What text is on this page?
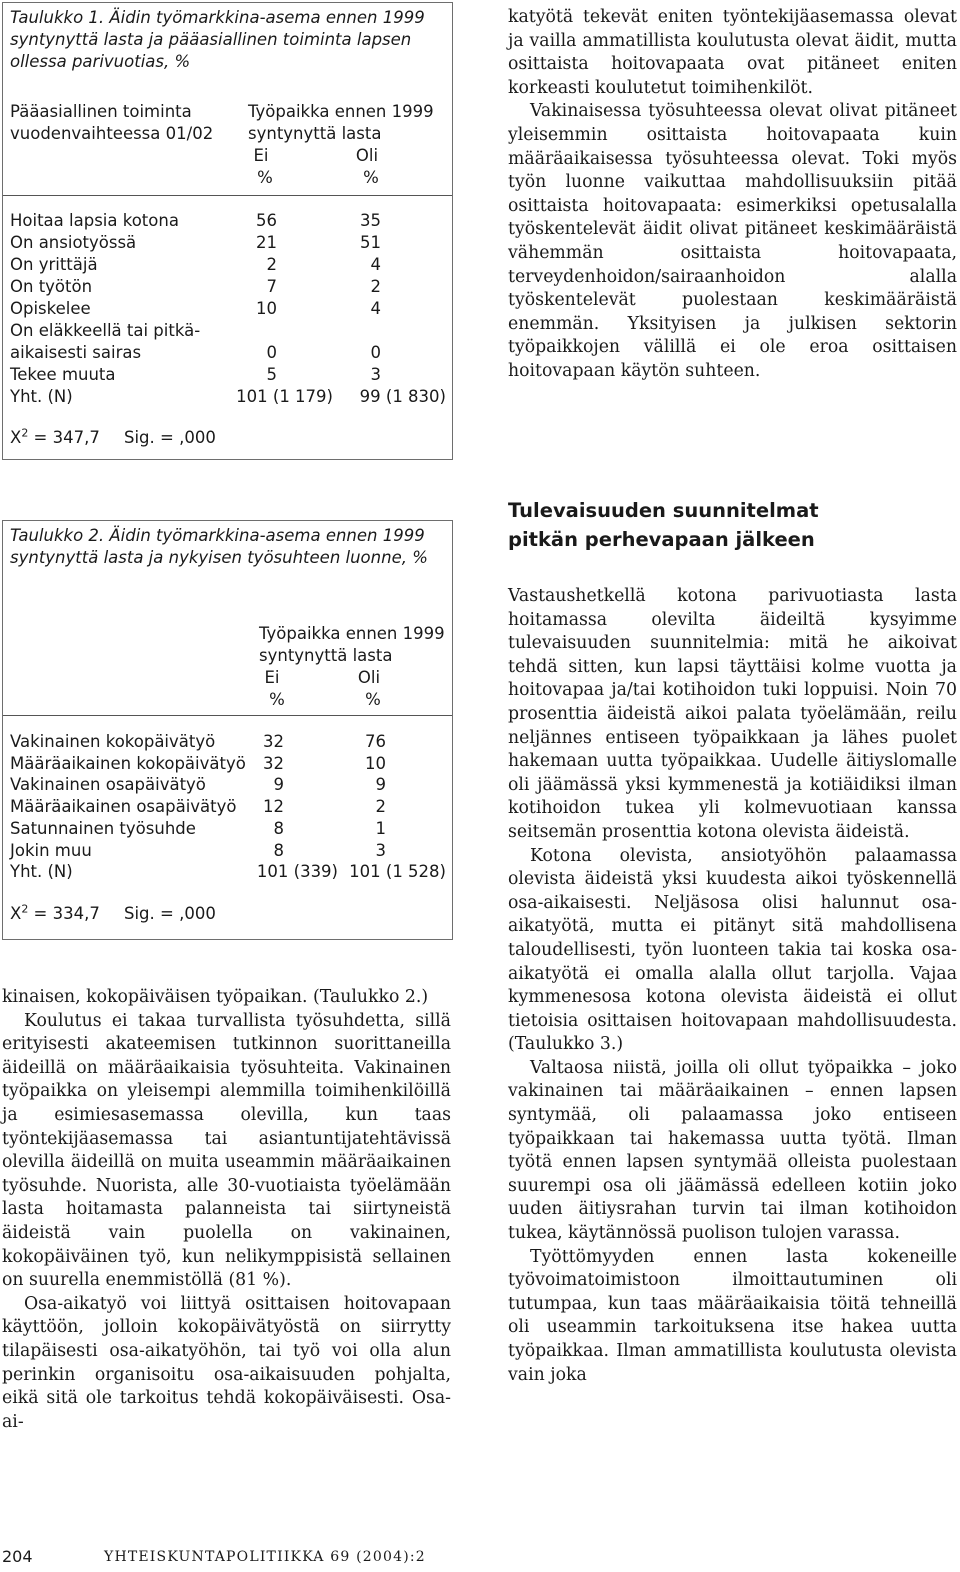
Taulukko 1. Äidin työmarkkina-asema ennen 1999 syntynyttä lasta ja pääasiallinen toiminta lapsen ollessa parivuotias, %
Pääasiallinen toiminta
vuodenvaihteessa 01/02
Työpaikka ennen 1999
syntynyttä lasta
Ei	Oli
%	%
Hoitaa lapsia kotona	56	35
On ansiotyössä	21	51
On yrittäjä	2	4
On työtön	7	2
Opiskelee	10	4
On eläkkeellä tai pitkä-
aikaisesti sairas	0	0
Tekee muuta	5	3
Yht. (N)	101 (1 179)	99 (1 830)
$X^2 = 347,7$ Sig. = ,000
Taulukko 2. Äidin työmarkkina-asema ennen 1999 syntynyttä lasta ja nykyisen työsuhteen luonne, %
Työpaikka ennen 1999
syntynyttä lasta
Ei	Oli
%	%
Vakinainen kokopäivätyö	32	76
Määräaikainen kokopäivätyö	32	10
Vakinainen osapäivätyö	9	9
Määräaikainen osapäivätyö	12	2
Satunnainen työsuhde	8	1
Jokin muu	8	3
Yht. (N)	101 (339) 101 (1 528)
$X^2 = 334,7$ Sig. = ,000

kinaisen, kokopäiväisen työpaikan. (Taulukko 2.)

Koulutus ei takaa turvallista työsuhdetta, sillä erityisesti akateemisen tutkinnon suorittaneilla äideillä on määräaikaisia työsuhteita. Vakinainen työpaikka on yleisempi alemmilla toimihenkilöillä ja esimiesasemassa olevilla, kun taas työntekijäasemassa tai asiantuntijatehtävissä olevilla äideillä on muita useammin määräaikainen työsuhde. Nuorista, alle 30-vuotiaista työelämään lasta hoitamasta palanneista tai siirtyneistä äideistä vain puolella on vakinainen, kokopäiväinen työ, kun nelikymppisistä sellainen on suurella enemmistöllä (81 %).

Osa-aikatyö voi liittyä osittaisen hoitovapaan käyttöön, jolloin kokopäivätyöstä on siirrytty tilapäisesti osa-aikatyöhön, tai työ voi olla alun perinkin organisoitu osa-aikaisuuden pohjalta, eikä sitä ole tarkoitus tehdä kokopäiväisesti. Osa-ai-

katyötä tekevät eniten työntekijäasemassa olevat ja vailla ammatillista koulutusta olevat äidit, mutta osittaista hoitovapaata ovat pitäneet eniten korkeasti koulutetut toimihenkilöt.

Vakinaisessa työsuhteessa olevat olivat pitäneet yleisemmin osittaista hoitovapaata kuin määräaikaisessa työsuhteessa olevat. Toki myös työn luonne vaikuttaa mahdollisuuksiin pitää osittaista hoitovapaata: esimerkiksi opetusalalla työskentelevät äidit olivat pitäneet keskimääräistä vähemmän osittaista hoitovapaata, terveydenhoidon/sairaanhoidon alalla työskentelevät puolestaan keskimääräistä enemmän. Yksityisen ja julkisen sektorin työpaikkojen välillä ei ole eroa osittaisen hoitovapaan käytön suhteen.

Tulevaisuuden suunnitelmat
pitkän perhevapaan jälkeen

Vastaushetkellä kotona parivuotiasta lasta hoitamassa olevilta äideiltä kysyimme tulevaisuuden suunnitelmia: mitä he aikoivat tehdä sitten, kun lapsi täyttäisi kolme vuotta ja hoitovapaa ja/tai kotihoidon tuki loppuisi. Noin 70 prosenttia äideistä aikoi palata työelämään, reilu neljännes entiseen työpaikkaan ja lähes puolet hakemaan uutta työpaikkaa. Uudelle äitiyslomalle oli jäämässä yksi kymmenestä ja kotiäidiksi ilman kotihoidon tukea yli kolmevuotiaan kanssa seitsemän prosenttia kotona olevista äideistä.

Kotona olevista, ansiotyöhön palaamassa olevista äideistä yksi kuudesta aikoi työskennellä osa-aikaisesti. Neljäsosa olisi halunnut osa-aikatyötä, mutta ei pitänyt sitä mahdollisena taloudellisesti, työn luonteen takia tai koska osa-aikatyötä ei omalla alalla ollut tarjolla. Vajaa kymmenesosa kotona olevista äideistä ei ollut tietoisia osittaisen hoitovapaan mahdollisuudesta. (Taulukko 3.)

Valtaosa niistä, joilla oli ollut työpaikka – joko vakinainen tai määräaikainen – ennen lapsen syntymää, oli palaamassa joko entiseen työpaikkaan tai hakemassa uutta työtä. Ilman työtä ennen lapsen syntymää olleista puolestaan suurempi osa oli jäämässä edelleen kotiin joko uuden äitiysrahan turvin tai ilman kotihoidon tukea, käytännössä puolison tulojen varassa.

Työttömyyden ennen lasta kokeneille työvoimatoimistoon ilmoittautuminen oli tutumpaa, kun taas määräaikaisia töitä tehneillä oli useammin tarkoituksena itse hakea uutta työpaikkaa. Ilman ammatillista koulutusta olevista vain joka

204	YHTEISKUNTAPOLITIIKKA 69 (2004):2
